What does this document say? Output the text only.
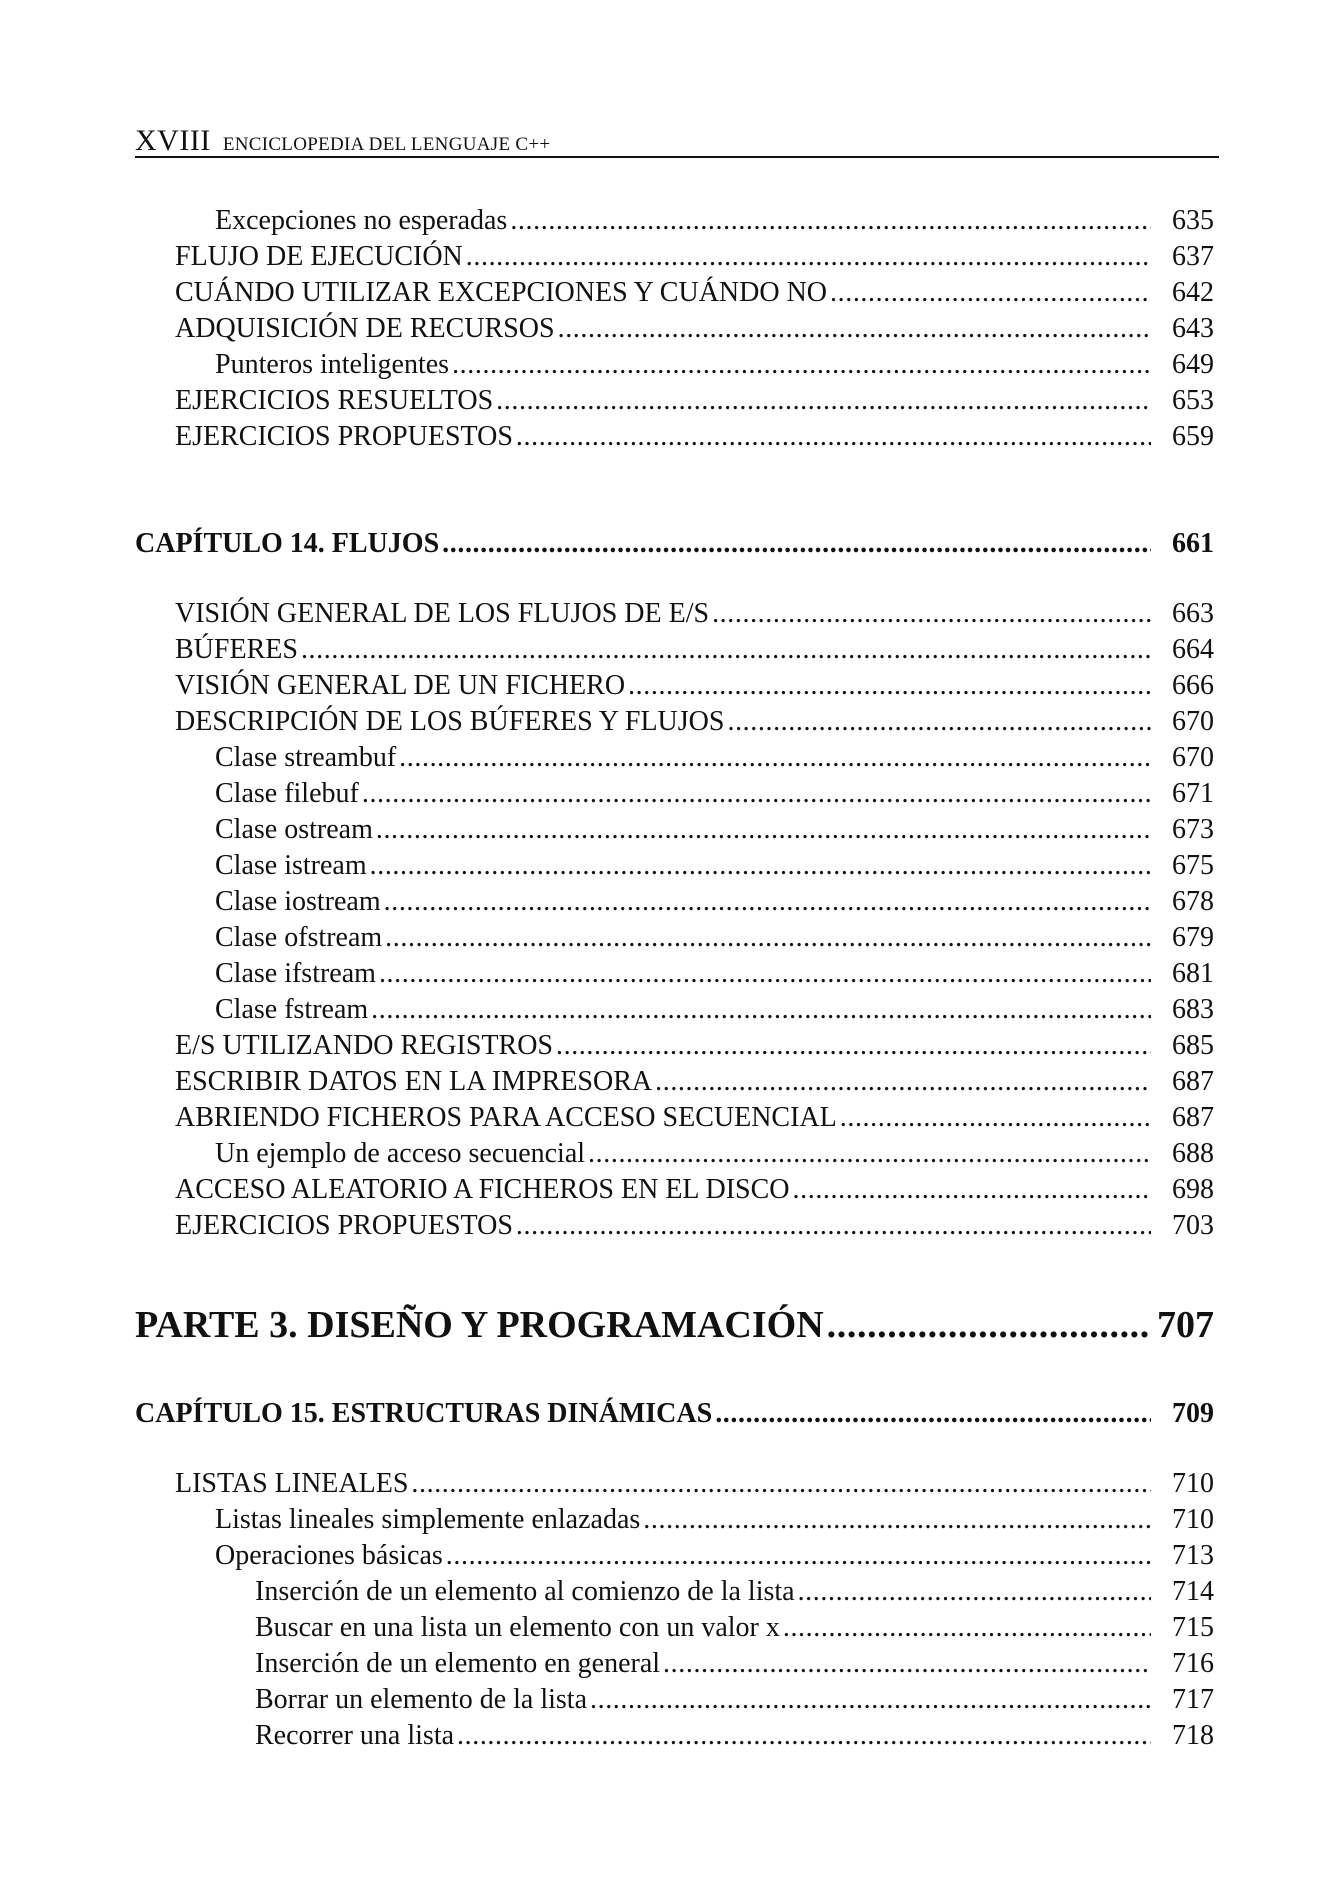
XVIII ENCICLOPEDIA DEL LENGUAJE C++
Excepciones no esperadas .....	635
FLUJO DE EJECUCIÓN .....	637
CUÁNDO UTILIZAR EXCEPCIONES Y CUÁNDO NO .....	642
ADQUISICIÓN DE RECURSOS .....	643
Punteros inteligentes .....	649
EJERCICIOS RESUELTOS .....	653
EJERCICIOS PROPUESTOS .....	659
CAPÍTULO 14. FLUJOS .....	661
VISIÓN GENERAL DE LOS FLUJOS DE E/S .....	663
BÚFERES .....	664
VISIÓN GENERAL DE UN FICHERO .....	666
DESCRIPCIÓN DE LOS BÚFERES Y FLUJOS .....	670
Clase streambuf .....	670
Clase filebuf .....	671
Clase ostream .....	673
Clase istream .....	675
Clase iostream .....	678
Clase ofstream .....	679
Clase ifstream .....	681
Clase fstream .....	683
E/S UTILIZANDO REGISTROS .....	685
ESCRIBIR DATOS EN LA IMPRESORA .....	687
ABRIENDO FICHEROS PARA ACCESO SECUENCIAL .....	687
Un ejemplo de acceso secuencial .....	688
ACCESO ALEATORIO A FICHEROS EN EL DISCO .....	698
EJERCICIOS PROPUESTOS .....	703
PARTE 3. DISEÑO Y PROGRAMACIÓN .....	707
CAPÍTULO 15. ESTRUCTURAS DINÁMICAS .....	709
LISTAS LINEALES .....	710
Listas lineales simplemente enlazadas .....	710
Operaciones básicas .....	713
Inserción de un elemento al comienzo de la lista .....	714
Buscar en una lista un elemento con un valor x .....	715
Inserción de un elemento en general .....	716
Borrar un elemento de la lista .....	717
Recorrer una lista .....	718
